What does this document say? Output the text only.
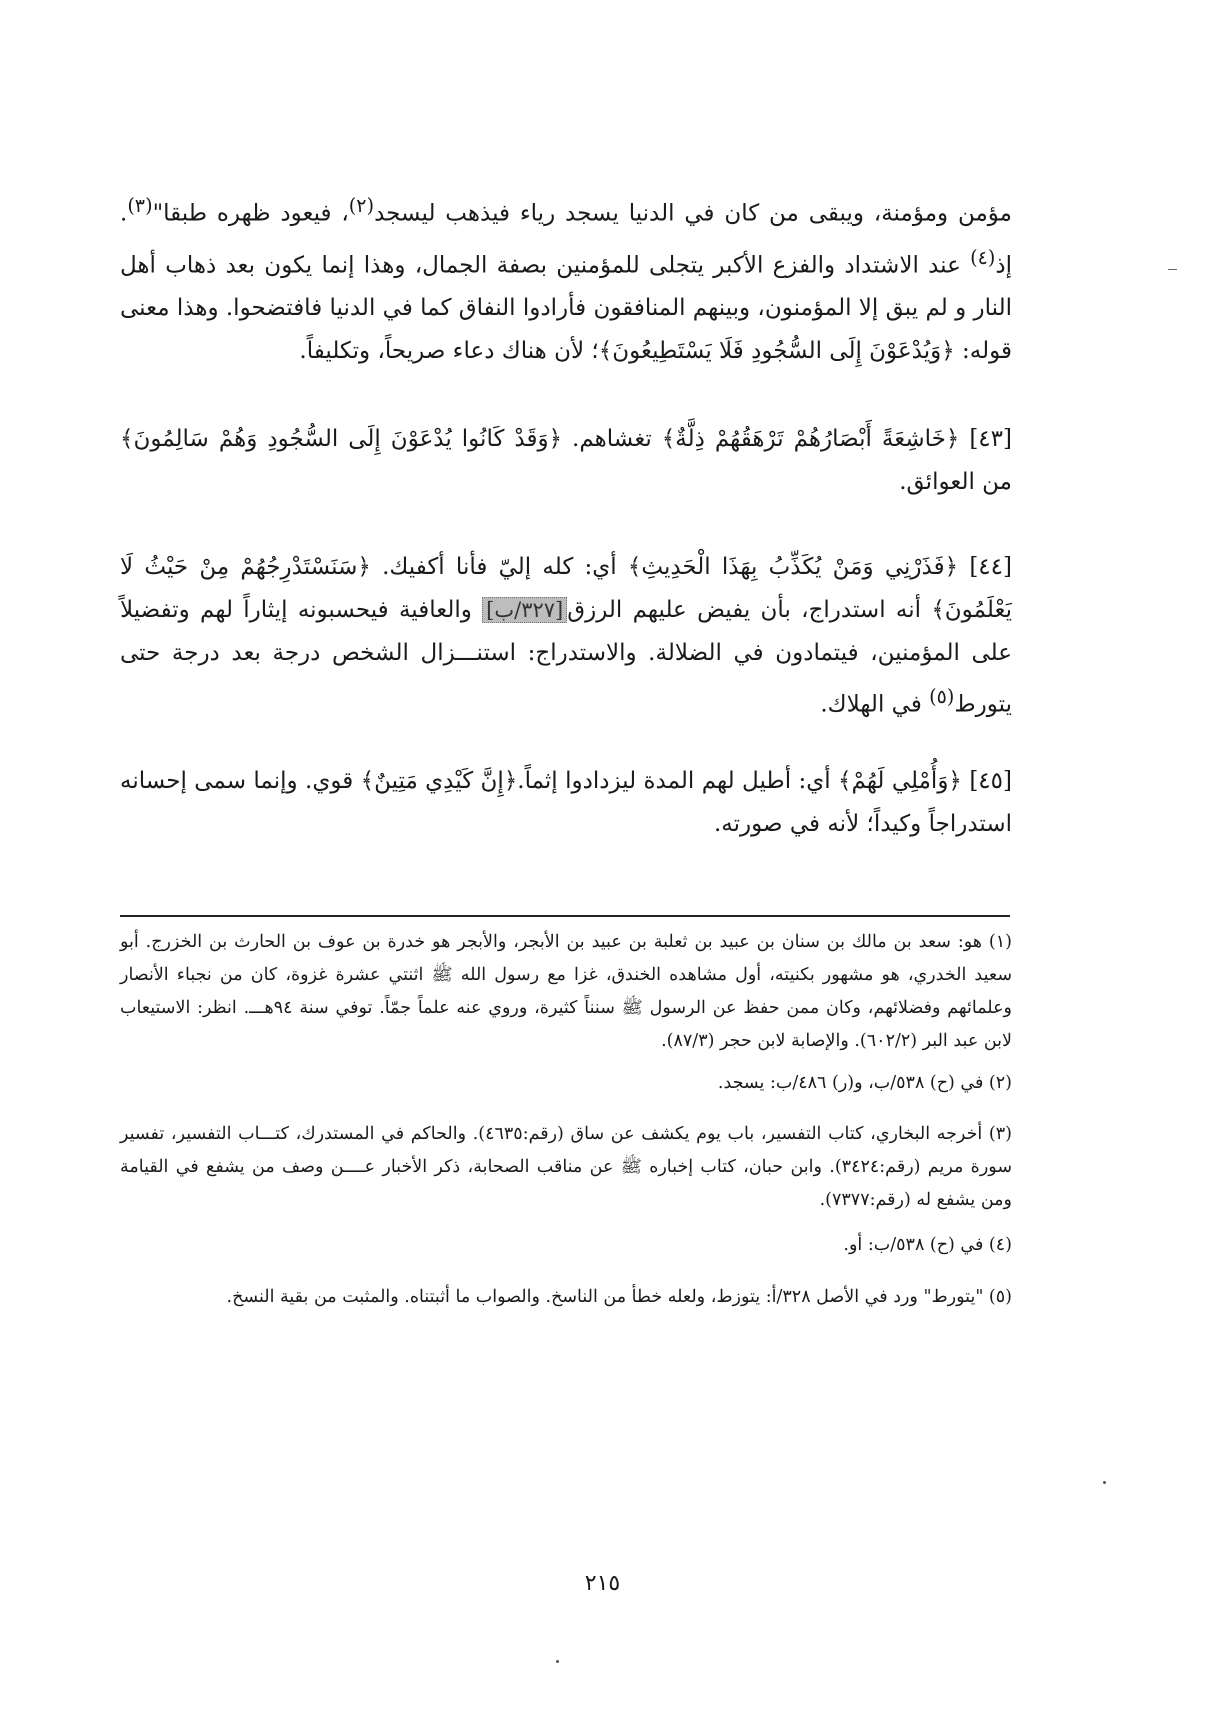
مؤمن ومؤمنة، ويبقى من كان في الدنيا يسجد رياء فيذهب ليسجد$^{(٢)}$، فيعود ظهره طبقا"$^{(٣)}$. إذ$^{(٤)}$ عند الاشتداد والفزع الأكبر يتجلى للمؤمنين بصفة الجمال، وهذا إنما يكون بعد ذهاب أهل النار و لم يبق إلا المؤمنون، وبينهم المنافقون فأرادوا النفاق كما في الدنيا فافتضحوا. وهذا معنى قوله: ﴿وَيُدْعَوْنَ إِلَى السُّجُودِ فَلَا يَسْتَطِيعُونَ﴾؛ لأن هناك دعاء صريحاً، وتكليفاً.

[٤٣] ﴿خَاشِعَةً أَبْصَارُهُمْ تَرْهَقُهُمْ ذِلَّةٌ﴾ تغشاهم. ﴿وَقَدْ كَانُوا يُدْعَوْنَ إِلَى السُّجُودِ وَهُمْ سَالِمُونَ﴾ من العوائق.

[٤٤] ﴿فَذَرْنِي وَمَنْ يُكَذِّبُ بِهَذَا الْحَدِيثِ﴾ أي: كله إليّ فأنا أكفيك. ﴿سَنَسْتَدْرِجُهُمْ مِنْ حَيْثُ لَا يَعْلَمُونَ﴾ أنه استدراج، بأن يفيض عليهم الرزق[٣٢٧/ب] والعافية فيحسبونه إيثاراً لهم وتفضيلاً على المؤمنين، فيتمادون في الضلالة. والاستدراج: استنـــزال الشخص درجة بعد درجة حتى يتورط$^{(٥)}$ في الهلاك.

[٤٥] ﴿وَأُمْلِي لَهُمْ﴾ أي: أطيل لهم المدة ليزدادوا إثماً.﴿إِنَّ كَيْدِي مَتِينٌ﴾ قوي. وإنما سمى إحسانه استدراجاً وكيداً؛ لأنه في صورته.

(١) هو: سعد بن مالك بن سنان بن عبيد بن ثعلبة بن عبيد بن الأبجر، والأبجر هو خدرة بن عوف بن الحارث بن الخزرج. أبو سعيد الخدري، هو مشهور بكنيته، أول مشاهده الخندق، غزا مع رسول الله ﷺ اثنتي عشرة غزوة، كان من نجباء الأنصار وعلمائهم وفضلائهم، وكان ممن حفظ عن الرسول ﷺ سنناً كثيرة، وروي عنه علماً جمّاً. توفي سنة ٩٤هـــ. انظر: الاستيعاب لابن عبد البر (٦٠٢/٢). والإصابة لابن حجر (٨٧/٣).

(٢) في (ح) ٥٣٨/ب، و(ر) ٤٨٦/ب: يسجد.

(٣) أخرجه البخاري، كتاب التفسير، باب يوم يكشف عن ساق (رقم:٤٦٣٥). والحاكم في المستدرك، كتـــاب التفسير، تفسير سورة مريم (رقم:٣٤٢٤). وابن حبان، كتاب إخباره ﷺ عن مناقب الصحابة، ذكر الأخبار عــــن وصف من يشفع في القيامة ومن يشفع له (رقم:٧٣٧٧).

(٤) في (ح) ٥٣٨/ب: أو.

(٥) "يتورط" ورد في الأصل ٣٢٨/أ: يتوزط، ولعله خطأ من الناسخ. والصواب ما أثبتناه. والمثبت من بقية النسخ.

٢١٥
